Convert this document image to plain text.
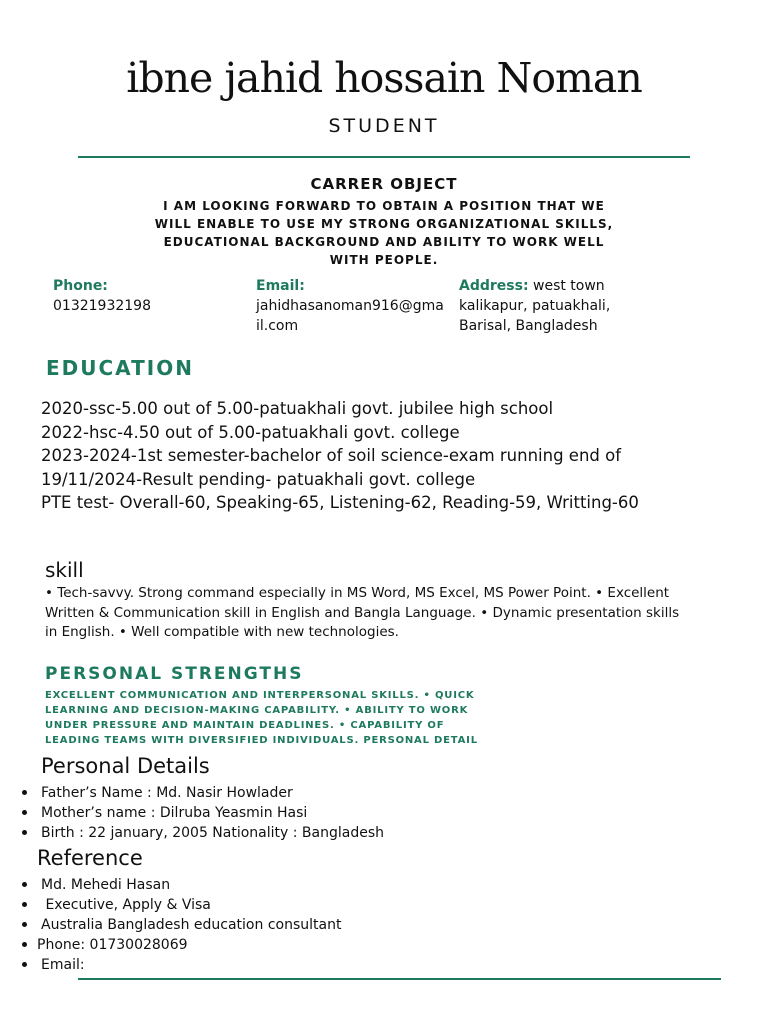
ibne jahid hossain Noman
STUDENT
CARRER OBJECT
I AM LOOKING FORWARD TO OBTAIN A POSITION THAT WE WILL ENABLE TO USE MY STRONG ORGANIZATIONAL SKILLS, EDUCATIONAL BACKGROUND AND ABILITY TO WORK WELL WITH PEOPLE.
Phone:
01321932198
Email:
jahidhasanoman916@gmail.com
Address: west town kalikapur, patuakhali, Barisal, Bangladesh
EDUCATION
2020-ssc-5.00 out of 5.00-patuakhali govt. jubilee high school
2022-hsc-4.50 out of 5.00-patuakhali govt. college
2023-2024-1st semester-bachelor of soil science-exam running end of
19/11/2024-Result pending- patuakhali govt. college
PTE test- Overall-60, Speaking-65, Listening-62, Reading-59, Writting-60
skill
• Tech-savvy. Strong command especially in MS Word, MS Excel, MS Power Point. • Excellent Written & Communication skill in English and Bangla Language. • Dynamic presentation skills in English. • Well compatible with new technologies.
PERSONAL STRENGTHS
EXCELLENT COMMUNICATION AND INTERPERSONAL SKILLS. • QUICK LEARNING AND DECISION-MAKING CAPABILITY. • ABILITY TO WORK UNDER PRESSURE AND MAINTAIN DEADLINES. • CAPABILITY OF LEADING TEAMS WITH DIVERSIFIED INDIVIDUALS. PERSONAL DETAIL
Personal Details
Father’s Name : Md. Nasir Howlader
Mother’s name : Dilruba Yeasmin Hasi
Birth : 22 january, 2005 Nationality : Bangladesh
Reference
Md. Mehedi Hasan
Executive, Apply & Visa
Australia Bangladesh education consultant
Phone: 01730028069
Email:
